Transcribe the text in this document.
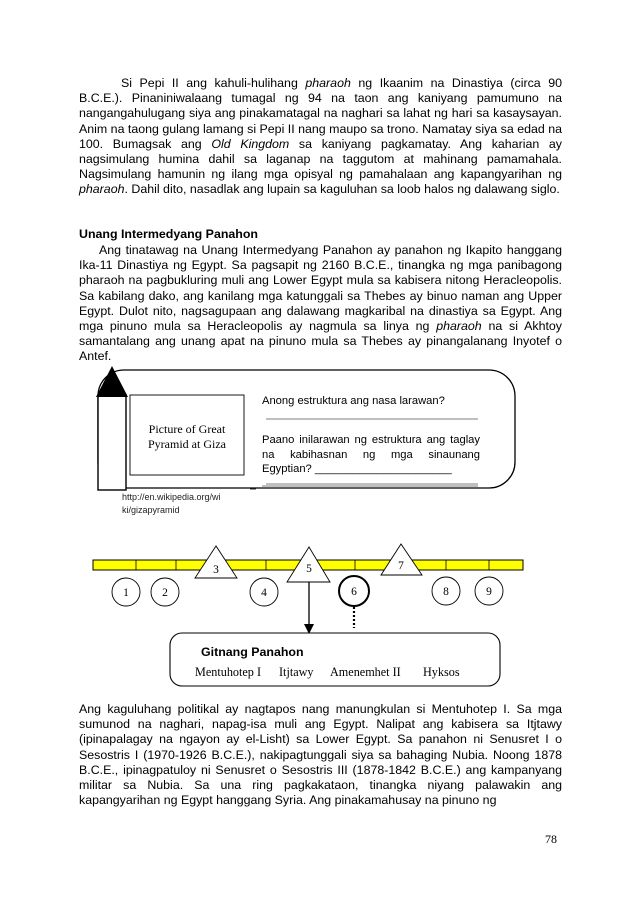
Si Pepi II ang kahuli-hulihang pharaoh ng Ikaanim na Dinastiya (circa 90 B.C.E.). Pinaniniwalaang tumagal ng 94 na taon ang kaniyang pamumuno na nangangahulugang siya ang pinakamatagal na naghari sa lahat ng hari sa kasaysayan. Anim na taong gulang lamang si Pepi II nang maupo sa trono. Namatay siya sa edad na 100. Bumagsak ang Old Kingdom sa kaniyang pagkamatay. Ang kaharian ay nagsimulang humina dahil sa laganap na taggutom at mahinang pamamahala. Nagsimulang hamunin ng ilang mga opisyal ng pamahalaan ang kapangyarihan ng pharaoh. Dahil dito, nasadlak ang lupain sa kaguluhan sa loob halos ng dalawang siglo.

Unang Intermedyang Panahon

Ang tinatawag na Unang Intermedyang Panahon ay panahon ng Ikapito hanggang Ika-11 Dinastiya ng Egypt. Sa pagsapit ng 2160 B.C.E., tinangka ng mga panibagong pharaoh na pagbukluring muli ang Lower Egypt mula sa kabisera nitong Heracleopolis. Sa kabilang dako, ang kanilang mga katunggali sa Thebes ay binuo naman ang Upper Egypt. Dulot nito, nagsagupaan ang dalawang magkaribal na dinastiya sa Egypt. Ang mga pinuno mula sa Heracleopolis ay nagmula sa linya ng pharaoh na si Akhtoy samantalang ang unang apat na pinuno mula sa Thebes ay pinangalanang Inyotef o Antef.

3	5	7
1	2	4	6	8	9
Gitnang Panahon
Mentuhotep I Itjtawy Amenemhet II Hyksos
Picture of Great
Pyramid at Giza
Anong estruktura ang nasa larawan?
Paano inilarawan ng estruktura ang taglay na kabihasnan ng mga sinaunang Egyptian? ______________________
http://en.wikipedia.org/wi
ki/gizapyramid

Ang kaguluhang politikal ay nagtapos nang manungkulan si Mentuhotep I. Sa mga sumunod na naghari, napag-isa muli ang Egypt. Nalipat ang kabisera sa Itjtawy (ipinapalagay na ngayon ay el-Lisht) sa Lower Egypt. Sa panahon ni Senusret I o Sesostris I (1970-1926 B.C.E.), nakipagtunggali siya sa bahaging Nubia. Noong 1878 B.C.E., ipinagpatuloy ni Senusret o Sesostris III (1878-1842 B.C.E.) ang kampanyang militar sa Nubia. Sa una ring pagkakataon, tinangka niyang palawakin ang kapangyarihan ng Egypt hanggang Syria. Ang pinakamahusay na pinuno ng

78
